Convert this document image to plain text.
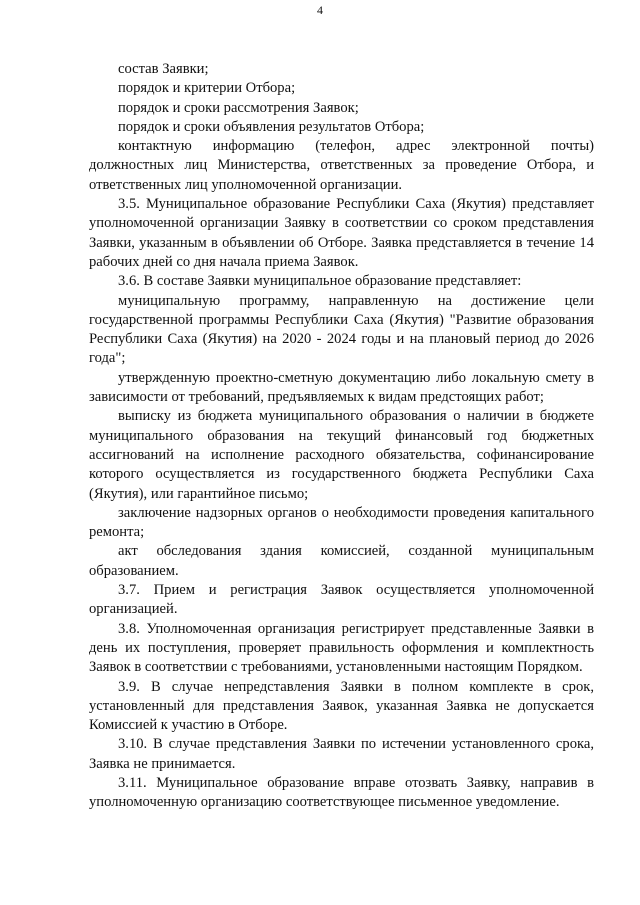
4

состав Заявки;

порядок и критерии Отбора;

порядок и сроки рассмотрения Заявок;

порядок и сроки объявления результатов Отбора;

контактную информацию (телефон, адрес электронной почты) должностных лиц Министерства, ответственных за проведение Отбора, и ответственных лиц уполномоченной организации.

3.5. Муниципальное образование Республики Саха (Якутия) представляет уполномоченной организации Заявку в соответствии со сроком представления Заявки, указанным в объявлении об Отборе. Заявка представляется в течение 14 рабочих дней со дня начала приема Заявок.

3.6. В составе Заявки муниципальное образование представляет:

муниципальную программу, направленную на достижение цели государственной программы Республики Саха (Якутия) "Развитие образования Республики Саха (Якутия) на 2020 - 2024 годы и на плановый период до 2026 года";

утвержденную проектно-сметную документацию либо локальную смету в зависимости от требований, предъявляемых к видам предстоящих работ;

выписку из бюджета муниципального образования о наличии в бюджете муниципального образования на текущий финансовый год бюджетных ассигнований на исполнение расходного обязательства, софинансирование которого осуществляется из государственного бюджета Республики Саха (Якутия), или гарантийное письмо;

заключение надзорных органов о необходимости проведения капитального ремонта;

акт обследования здания комиссией, созданной муниципальным образованием.

3.7. Прием и регистрация Заявок осуществляется уполномоченной организацией.

3.8. Уполномоченная организация регистрирует представленные Заявки в день их поступления, проверяет правильность оформления и комплектность Заявок в соответствии с требованиями, установленными настоящим Порядком.

3.9. В случае непредставления Заявки в полном комплекте в срок, установленный для представления Заявок, указанная Заявка не допускается Комиссией к участию в Отборе.

3.10. В случае представления Заявки по истечении установленного срока, Заявка не принимается.

3.11. Муниципальное образование вправе отозвать Заявку, направив в уполномоченную организацию соответствующее письменное уведомление.
